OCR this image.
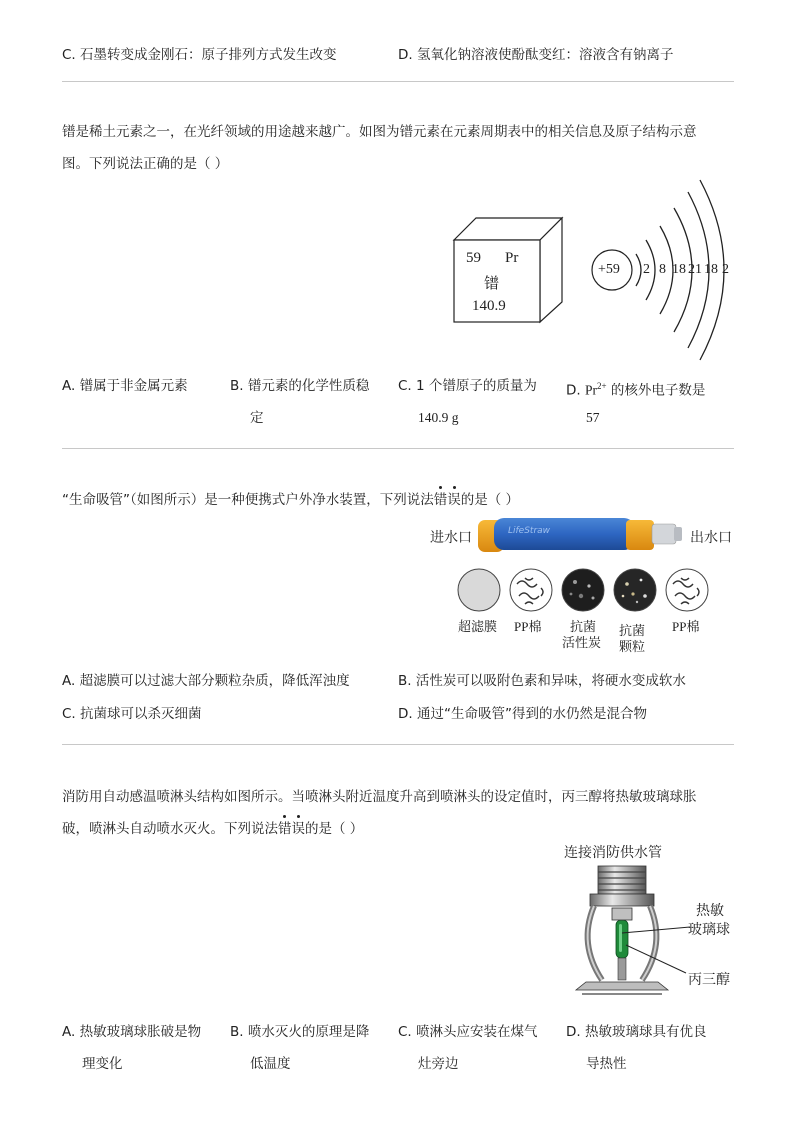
C. 石墨转变成金刚石：原子排列方式发生改变	D. 氢氧化钠溶液使酚酞变红：溶液含有钠离子
镨是稀土元素之一，在光纤领域的用途越来越广。如图为镨元素在元素周期表中的相关信息及原子结构示意
图。下列说法正确的是（ ）
59 Pr
镨
140.9
+59 2 8 18 21 18 2
A. 镨属于非金属元素	B. 镨元素的化学性质稳
定
C. 1 个镨原子的质量为
140.9 g
D. $Pr^{2+}$ 的核外电子数是
57
“生命吸管”（如图所示）是一种便携式户外净水装置，下列说法错误
的是（ ）
进水口	出水口
LifeStraw
超滤膜 PP棉 抗菌
活性炭
抗菌
颗粒
PP棉
A. 超滤膜可以过滤大部分颗粒杂质，降低浑浊度	B. 活性炭可以吸附色素和异味，将硬水变成软水
C. 抗菌球可以杀灭细菌	D. 通过“生命吸管”得到的水仍然是混合物
消防用自动感温喷淋头结构如图所示。当喷淋头附近温度升高到喷淋头的设定值时，丙三醇将热敏玻璃球胀
破，喷淋头自动喷水灭火。下列说法错误
的是（ ）
连接消防供水管
热敏
玻璃球
丙三醇
A. 热敏玻璃球胀破是物
理变化
B. 喷水灭火的原理是降
低温度
C. 喷淋头应安装在煤气
灶旁边
D. 热敏玻璃球具有优良
导热性
